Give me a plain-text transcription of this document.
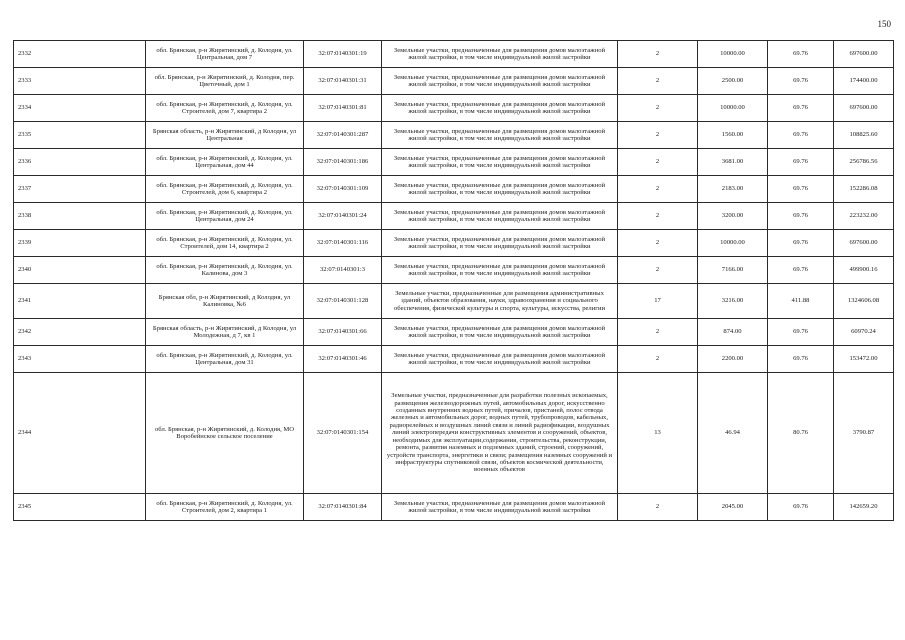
150
2332	обл. Брянская, р-н Жирятинский, д. Колодня, ул. Центральная, дом 7	32:07:0140301:19	Земельные участки, предназначенные для размещения домов малоэтажной жилой застройки, в том числе индивидуальной жилой застройки	2	10000.00	69.76	697600.00
2333	обл. Брянская, р-н Жирятинский, д. Колодня, пер. Цветочный, дом 1	32:07:0140301:31	Земельные участки, предназначенные для размещения домов малоэтажной жилой застройки, в том числе индивидуальной жилой застройки	2	2500.00	69.76	174400.00
2334	обл. Брянская, р-н Жирятинский, д. Колодня, ул. Строителей, дом 7, квартира 2	32:07:0140301:81	Земельные участки, предназначенные для размещения домов малоэтажной жилой застройки, в том числе индивидуальной жилой застройки	2	10000.00	69.76	697600.00
2335	Брянская область, р-н Жирятинский, д Колодня, ул Центральная	32:07:0140301:287	Земельные участки, предназначенные для размещения домов малоэтажной жилой застройки, в том числе индивидуальной жилой застройки	2	1560.00	69.76	108825.60
2336	обл. Брянская, р-н Жирятинский, д. Колодня, ул. Центральная, дом 44	32:07:0140301:186	Земельные участки, предназначенные для размещения домов малоэтажной жилой застройки, в том числе индивидуальной жилой застройки	2	3681.00	69.76	256786.56
2337	обл. Брянская, р-н Жирятинский, д. Колодня, ул. Строителей, дом 6, квартира 2	32:07:0140301:109	Земельные участки, предназначенные для размещения домов малоэтажной жилой застройки, в том числе индивидуальной жилой застройки	2	2183.00	69.76	152286.08
2338	обл. Брянская, р-н Жирятинский, д. Колодня, ул. Центральная, дом 24	32:07:0140301:24	Земельные участки, предназначенные для размещения домов малоэтажной жилой застройки, в том числе индивидуальной жилой застройки	2	3200.00	69.76	223232.00
2339	обл. Брянская, р-н Жирятинский, д. Колодня, ул. Строителей, дом 14, квартира 2	32:07:0140301:116	Земельные участки, предназначенные для размещения домов малоэтажной жилой застройки, в том числе индивидуальной жилой застройки	2	10000.00	69.76	697600.00
2340	обл. Брянская, р-н Жирятинский, д. Колодня, ул. Калинова, дом 3	32:07:0140301:3	Земельные участки, предназначенные для размещения домов малоэтажной жилой застройки, в том числе индивидуальной жилой застройки	2	7166.00	69.76	499900.16
2341	Брянская обл, р-н Жирятинский, д Колодня, ул Калиновка, №6	32:07:0140301:128	Земельные участки, предназначенные для размещения административных зданий, объектов образования, науки, здравоохранения и социального обеспечения, физической культуры и спорта, культуры, искусства, религии	17	3216.00	411.88	1324606.08
2342	Брянская область, р-н Жирятинский, д Колодня, ул Молодежная, д 7, кв 1	32:07:0140301:66	Земельные участки, предназначенные для размещения домов малоэтажной жилой застройки, в том числе индивидуальной жилой застройки	2	874.00	69.76	60970.24
2343	обл. Брянская, р-н Жирятинский, д. Колодня, ул. Центральная, дом 31	32:07:0140301:46	Земельные участки, предназначенные для размещения домов малоэтажной жилой застройки, в том числе индивидуальной жилой застройки	2	2200.00	69.76	153472.00
2344	обл. Брянская, р-н Жирятинский, д. Колодня, МО Воробейнское сельское поселение	32:07:0140301:154	Земельные участки, предназначенные для разработки полезных ископаемых, размещения железнодорожных путей, автомобильных дорог, искусственно созданных внутренних водных путей, причалов, пристаней, полос отвода железных и автомобильных дорог, водных путей, трубопроводов, кабельных, радиорелейных и воздушных линий связи и линий радиофикации, воздушных линий электропередачи конструктивных элементов и сооружений, объектов, необходимых для эксплуатации,содержания, строительства, реконструкции, ремонта, развития наземных и подземных зданий, строений, сооружений, устройств транспорта, энергетики и связи; размещения наземных сооружений и инфраструктуры спутниковой связи, объектов космической деятельности, военных объектов	13	46.94	80.76	3790.87
2345	обл. Брянская, р-н Жирятинский, д. Колодня, ул. Строителей, дом 2, квартира 1	32:07:0140301:84	Земельные участки, предназначенные для размещения домов малоэтажной жилой застройки, в том числе индивидуальной жилой застройки	2	2045.00	69.76	142659.20
